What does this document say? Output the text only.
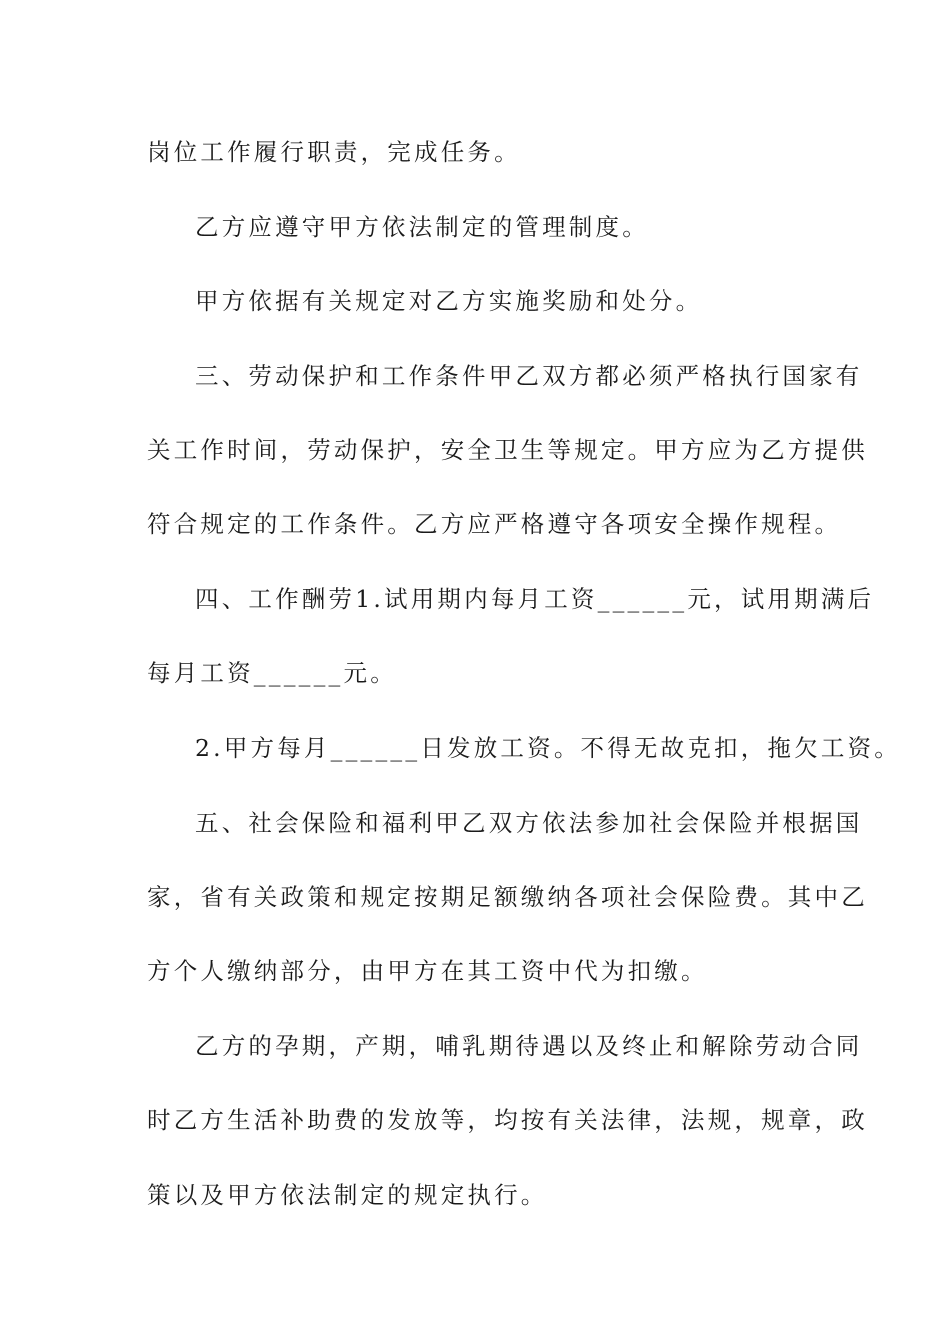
岗位工作履行职责，完成任务。
乙方应遵守甲方依法制定的管理制度。
甲方依据有关规定对乙方实施奖励和处分。
三、劳动保护和工作条件甲乙双方都必须严格执行国家有
关工作时间，劳动保护，安全卫生等规定。甲方应为乙方提供
符合规定的工作条件。乙方应严格遵守各项安全操作规程。
四、工作酬劳1.试用期内每月工资______元，试用期满后
每月工资______元。
2.甲方每月______日发放工资。不得无故克扣，拖欠工资。
五、社会保险和福利甲乙双方依法参加社会保险并根据国
家，省有关政策和规定按期足额缴纳各项社会保险费。其中乙
方个人缴纳部分，由甲方在其工资中代为扣缴。
乙方的孕期，产期，哺乳期待遇以及终止和解除劳动合同
时乙方生活补助费的发放等，均按有关法律，法规，规章，政
策以及甲方依法制定的规定执行。
